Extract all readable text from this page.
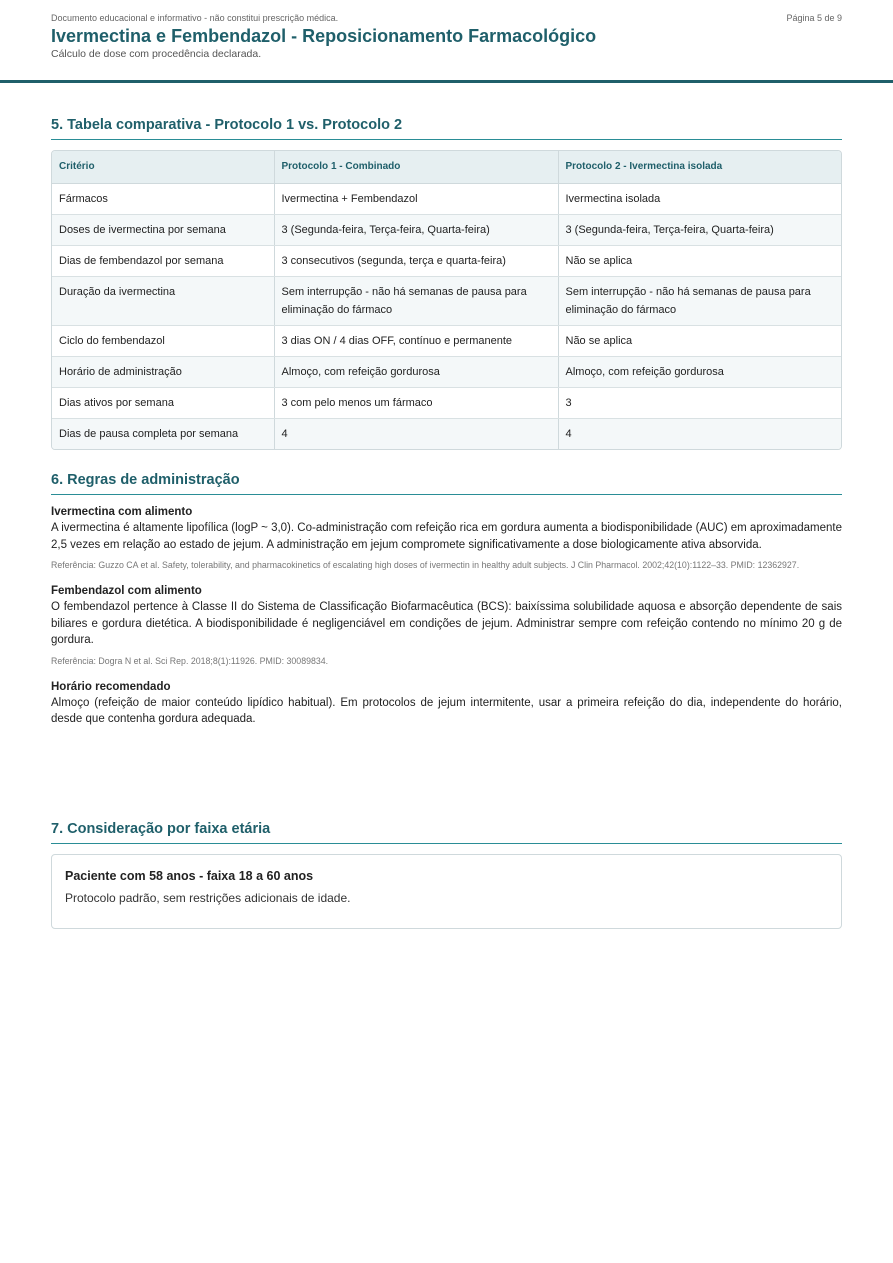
Documento educacional e informativo - não constitui prescrição médica.	Página 5 de 9
Ivermectina e Fembendazol - Reposicionamento Farmacológico
Cálculo de dose com procedência declarada.
5. Tabela comparativa - Protocolo 1 vs. Protocolo 2
Critério	Protocolo 1 - Combinado	Protocolo 2 - Ivermectina isolada
Fármacos	Ivermectina + Fembendazol	Ivermectina isolada
Doses de ivermectina por semana	3 (Segunda-feira, Terça-feira, Quarta-feira)	3 (Segunda-feira, Terça-feira, Quarta-feira)
Dias de fembendazol por semana	3 consecutivos (segunda, terça e quarta-feira)	Não se aplica
Duração da ivermectina	Sem interrupção - não há semanas de pausa para eliminação do fármaco	Sem interrupção - não há semanas de pausa para eliminação do fármaco
Ciclo do fembendazol	3 dias ON / 4 dias OFF, contínuo e permanente	Não se aplica
Horário de administração	Almoço, com refeição gordurosa	Almoço, com refeição gordurosa
Dias ativos por semana	3 com pelo menos um fármaco	3
Dias de pausa completa por semana	4	4
6. Regras de administração
Ivermectina com alimento
A ivermectina é altamente lipofílica (logP ~ 3,0). Co-administração com refeição rica em gordura aumenta a biodisponibilidade (AUC) em aproximadamente 2,5 vezes em relação ao estado de jejum. A administração em jejum compromete significativamente a dose biologicamente ativa absorvida.
Referência: Guzzo CA et al. Safety, tolerability, and pharmacokinetics of escalating high doses of ivermectin in healthy adult subjects. J Clin Pharmacol. 2002;42(10):1122–33. PMID: 12362927.
Fembendazol com alimento
O fembendazol pertence à Classe II do Sistema de Classificação Biofarmacêutica (BCS): baixíssima solubilidade aquosa e absorção dependente de sais biliares e gordura dietética. A biodisponibilidade é negligenciável em condições de jejum. Administrar sempre com refeição contendo no mínimo 20 g de gordura.
Referência: Dogra N et al. Sci Rep. 2018;8(1):11926. PMID: 30089834.
Horário recomendado
Almoço (refeição de maior conteúdo lipídico habitual). Em protocolos de jejum intermitente, usar a primeira refeição do dia, independente do horário, desde que contenha gordura adequada.
7. Consideração por faixa etária
Paciente com 58 anos - faixa 18 a 60 anos
Protocolo padrão, sem restrições adicionais de idade.
